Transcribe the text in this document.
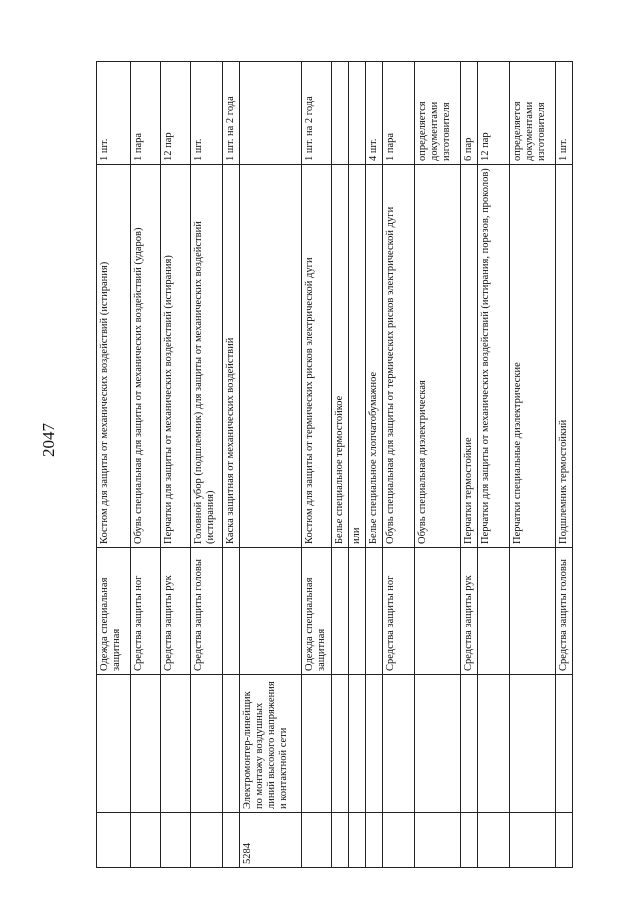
2047
		Одежда специальная защитная	Костюм для защиты от механических воздействий (истирания)	1 шт.
		Средства защиты ног	Обувь специальная для защиты от механических воздействий (ударов)	1 пара
		Средства защиты рук	Перчатки для защиты от механических воздействий (истирания)	12 пар
		Средства защиты головы	Головной убор (подшлемник) для защиты от механических воздействий (истирания)	1 шт.
			Каска защитная от механических воздействий	1 шт. на 2 года
5284	Электромонтер-линейщик по монтажу воздушных линий высокого напряжения и контактной сети			
		Одежда специальная защитная	Костюм для защиты от термических рисков электрической дуги	1 шт. на 2 года
			Белье специальное термостойкое	
			или	
			Белье специальное хлопчатобумажное	4 шт.
		Средства защиты ног	Обувь специальная для защиты от термических рисков электрической дуги	1 пара
			Обувь специальная диэлектрическая	определяется документами изготовителя
		Средства защиты рук	Перчатки термостойкие	6 пар
			Перчатки для защиты от механических воздействий (истирания, порезов, проколов)	12 пар
			Перчатки специальные диэлектрические	определяется документами изготовителя
		Средства защиты головы	Подшлемник термостойкий	1 шт.
